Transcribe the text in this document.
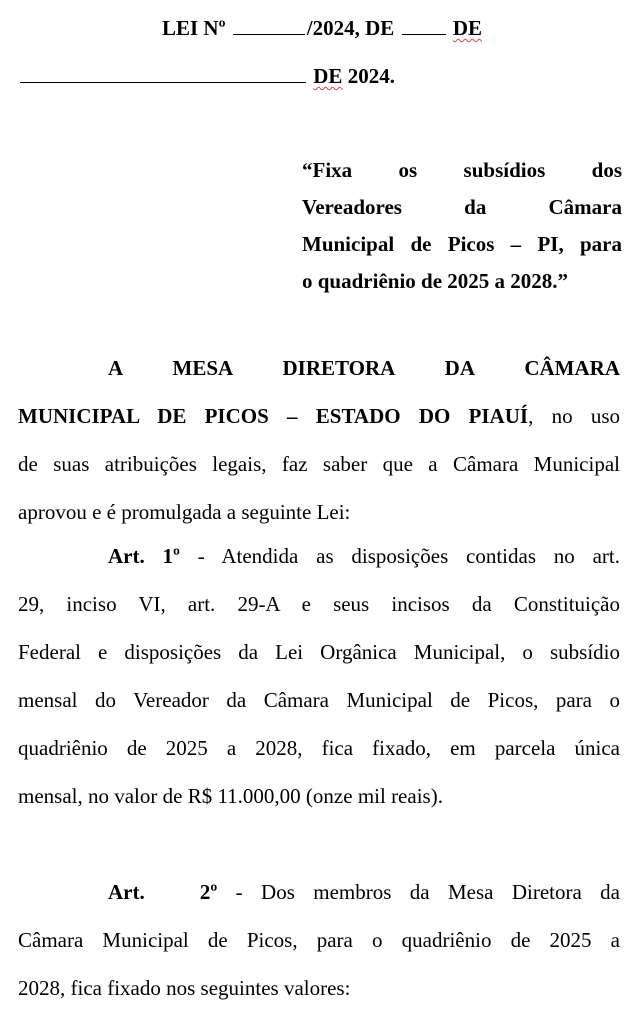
LEI Nº	/2024, DE	DE
DE 2024.
“Fixa os subsídios dos
Vereadores da Câmara
Municipal de Picos – PI, para
o quadriênio de 2025 a 2028.”
A MESA DIRETORA DA CÂMARA
MUNICIPAL DE PICOS – ESTADO DO PIAUÍ, no uso
de suas atribuições legais, faz saber que a Câmara Municipal
aprovou e é promulgada a seguinte Lei:
Art. 1º - Atendida as disposições contidas no art.
29, inciso VI, art. 29-A e seus incisos da Constituição
Federal e disposições da Lei Orgânica Municipal, o subsídio
mensal do Vereador da Câmara Municipal de Picos, para o
quadriênio de 2025 a 2028, fica fixado, em parcela única
mensal, no valor de R$ 11.000,00 (onze mil reais).
Art.   2º - Dos membros da Mesa Diretora da
Câmara Municipal de Picos, para o quadriênio de 2025 a
2028, fica fixado nos seguintes valores:
